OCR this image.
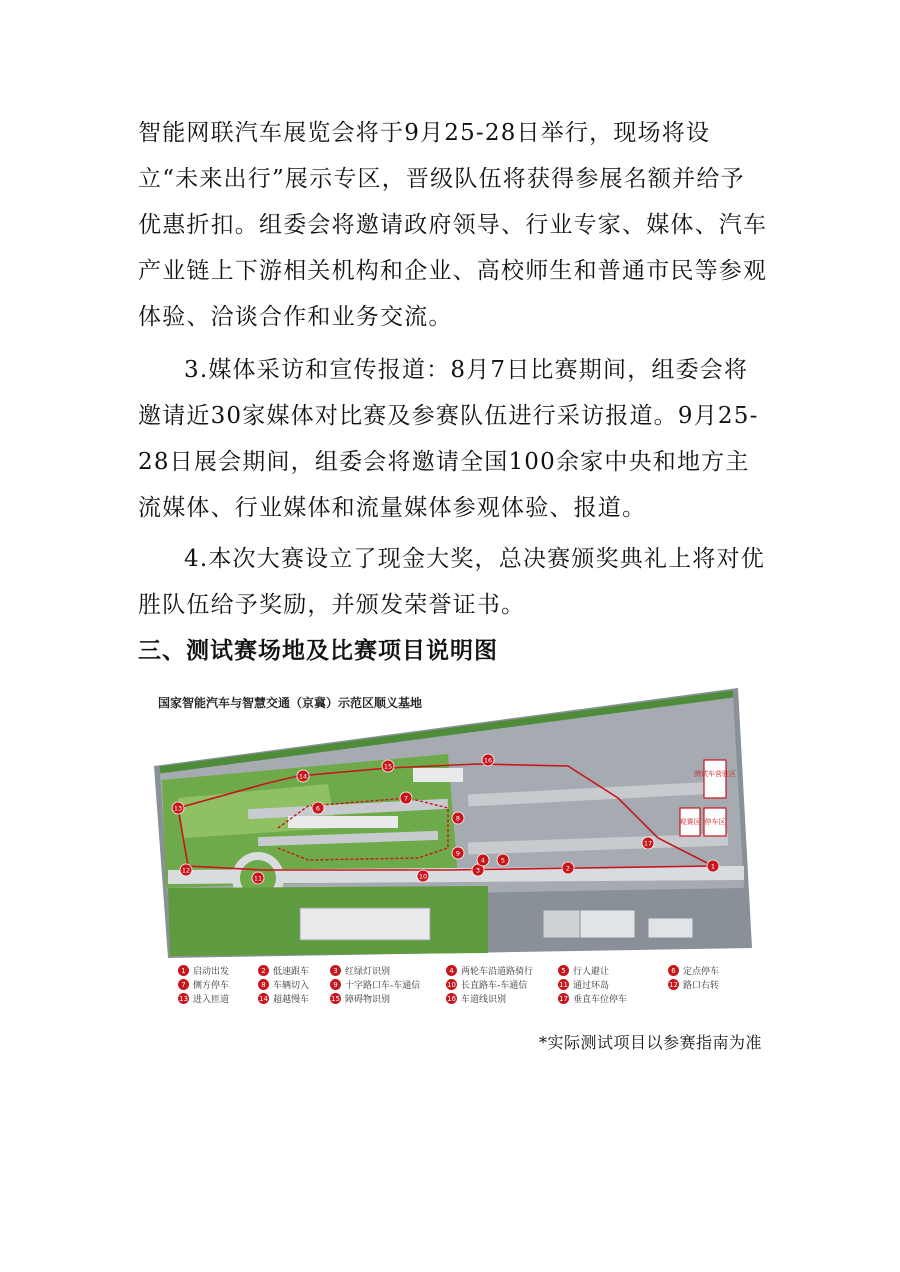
智能网联汽车展览会将于9月25-28日举行，现场将设立“未来出行”展示专区，晋级队伍将获得参展名额并给予优惠折扣。组委会将邀请政府领导、行业专家、媒体、汽车产业链上下游相关机构和企业、高校师生和普通市民等参观体验、洽谈合作和业务交流。

3.媒体采访和宣传报道：8月7日比赛期间，组委会将邀请近30家媒体对比赛及参赛队伍进行采访报道。9月25-28日展会期间，组委会将邀请全国100余家中央和地方主流媒体、行业媒体和流量媒体参观体验、报道。

4.本次大赛设立了现金大奖，总决赛颁奖典礼上将对优胜队伍给予奖励，并颁发荣誉证书。

三、测试赛场地及比赛项目说明图
国家智能汽车与智慧交通（京冀）示范区顺义基地
测试车营驻区
观赛区 停车区
1
2
3
4 5
6
7
8
9
10
11
12
13
14
15
16
17
1 启动出发	2 低速跟车	3 红绿灯识别	4 两轮车沿道路骑行	5 行人避让	6 定点停车
7 侧方停车	8 车辆切入	9 十字路口车-车通信	10 长直路车-车通信	11 通过环岛	12 路口右转
13 进入匝道	14 超越慢车	15 障碍物识别	16 车道线识别	17 垂直车位停车
*实际测试项目以参赛指南为准
